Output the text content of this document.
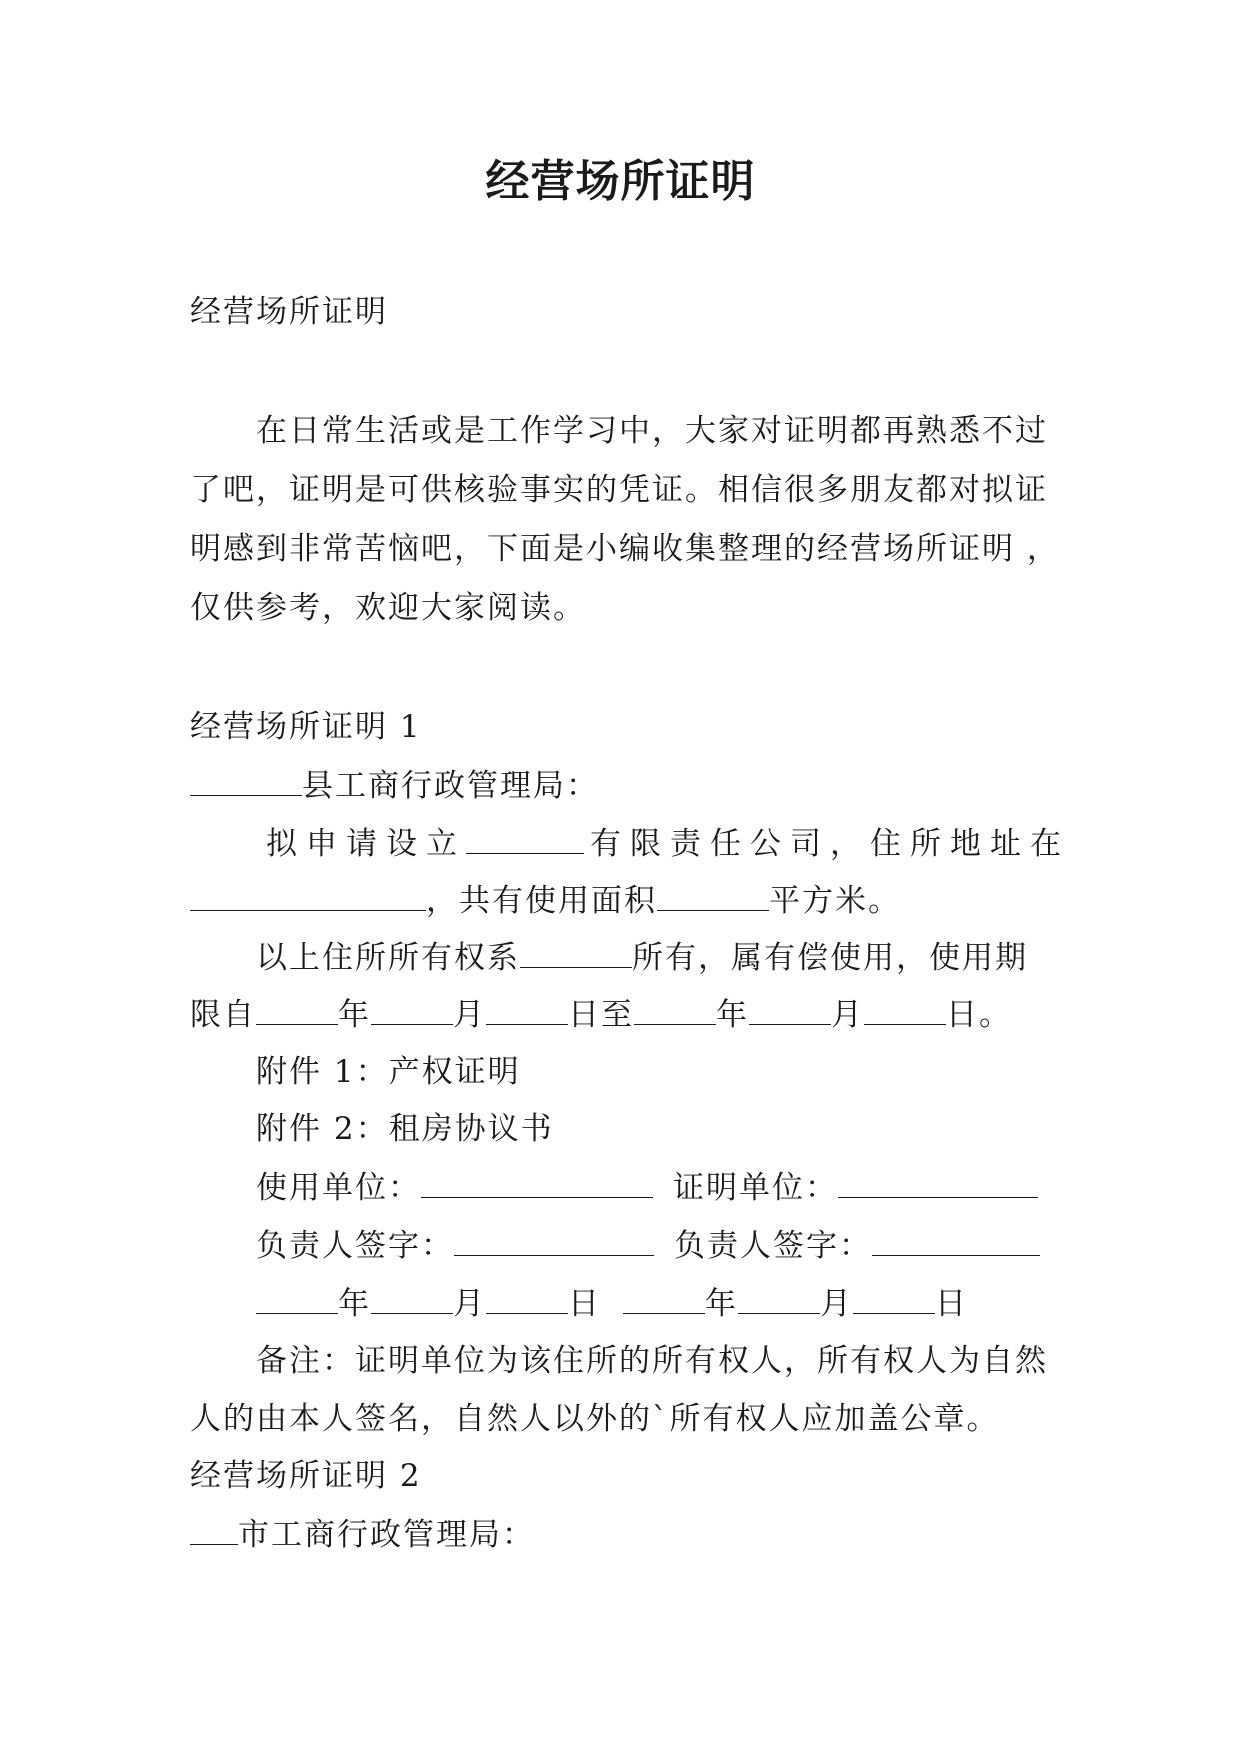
经营场所证明
经营场所证明
在日常生活或是工作学习中，大家对证明都再熟悉不过
了吧，证明是可供核验事实的凭证。相信很多朋友都对拟证
明感到非常苦恼吧，下面是小编收集整理的经营场所证明 ，
仅供参考，欢迎大家阅读。
经营场所证明 1
县工商行政管理局：
拟申请设立	有限责任公司，住所地址在
，共有使用面积	平方米。
以上住所所有权系	所有，属有偿使用，使用期
限自	年	月	日至	年	月	日。
附件 1：产权证明
附件 2：租房协议书
使用单位：	证明单位：
负责人签字：	负责人签字：
年	月	日	年	月	日
备注：证明单位为该住所的所有权人，所有权人为自然
人的由本人签名，自然人以外的`所有权人应加盖公章。
经营场所证明 2
市工商行政管理局：
